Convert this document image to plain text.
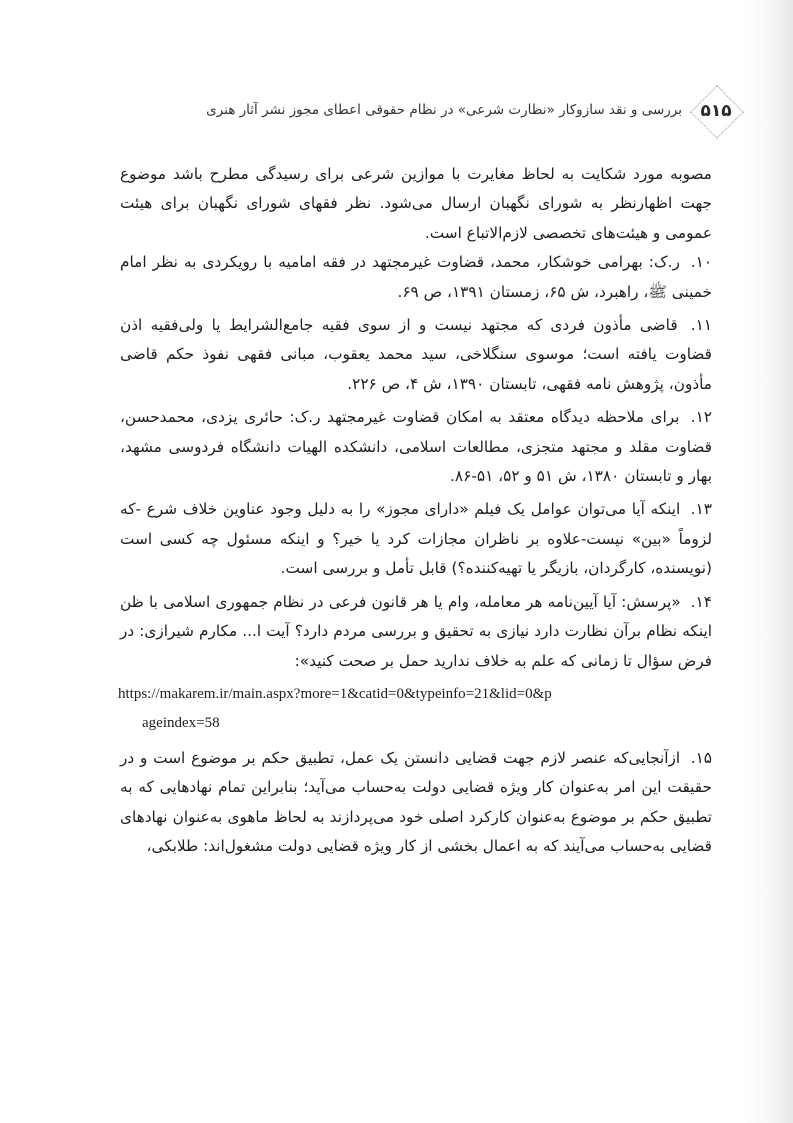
۵۱۵
بررسی و نقد سازوکار «نظارت شرعی» در نظام حقوقی اعطای مجوز نشر آثار هنری

مصوبه مورد شکایت به لحاظ مغایرت با موازین شرعی برای رسیدگی مطرح باشد موضوع جهت اظهارنظر به شورای نگهبان ارسال می‌شود. نظر فقهای شورای نگهبان برای هیئت عمومی و هیئت‌های تخصصی لازم‌الاتباع است.

۱۰. ر.ک: بهرامی خوشکار، محمد، قضاوت غیرمجتهد در فقه امامیه با رویکردی به نظر امام خمینی ﷺ، راهبرد، ش ۶۵، زمستان ۱۳۹۱، ص ۶۹.

۱۱. قاضی مأذون فردی که مجتهد نیست و از سوی فقیه جامع‌الشرایط یا ولی‌فقیه اذن قضاوت یافته است؛ موسوی سنگلاخی، سید محمد یعقوب، مبانی فقهی نفوذ حکم قاضی مأذون، پژوهش نامه فقهی، تابستان ۱۳۹۰، ش ۴، ص ۲۲۶.

۱۲. برای ملاحظه دیدگاه معتقد به امکان قضاوت غیرمجتهد ر.ک: حائری یزدی، محمدحسن، قضاوت مقلد و مجتهد متجزی، مطالعات اسلامی، دانشکده الهیات دانشگاه فردوسی مشهد، بهار و تابستان ۱۳۸۰، ش ۵۱ و ۵۲، ۵۱-۸۶.

۱۳. اینکه آیا می‌توان عوامل یک فیلم «دارای مجوز» را به دلیل وجود عناوین خلاف شرع -که لزوماً «بین» نیست-علاوه بر ناظران مجازات کرد یا خیر؟ و اینکه مسئول چه کسی است (نویسنده، کارگردان، بازیگر یا تهیه‌کننده؟) قابل تأمل و بررسی است.

۱۴. «پرسش: آیا آیین‌نامه هر معامله، وام یا هر قانون فرعی در نظام جمهوری اسلامی با ظن اینکه نظام برآن نظارت دارد نیازی به تحقیق و بررسی مردم دارد؟ آیت ا... مکارم شیرازی: در فرض سؤال تا زمانی که علم به خلاف ندارید حمل بر صحت کنید»:

https://makarem.ir/main.aspx?more=1&catid=0&typeinfo=21&lid=0&p
ageindex=58

۱۵. ازآنجایی‌که عنصر لازم جهت قضایی دانستن یک عمل، تطبیق حکم بر موضوع است و در حقیقت این امر به‌عنوان کار ویژه قضایی دولت به‌حساب می‌آید؛ بنابراین تمام نهادهایی که به تطبیق حکم بر موضوع به‌عنوان کارکرد اصلی خود می‌پردازند به لحاظ ماهوی به‌عنوان نهادهای قضایی به‌حساب می‌آیند که به اعمال بخشی از کار ویژه قضایی دولت مشغول‌اند: طلابکی،
